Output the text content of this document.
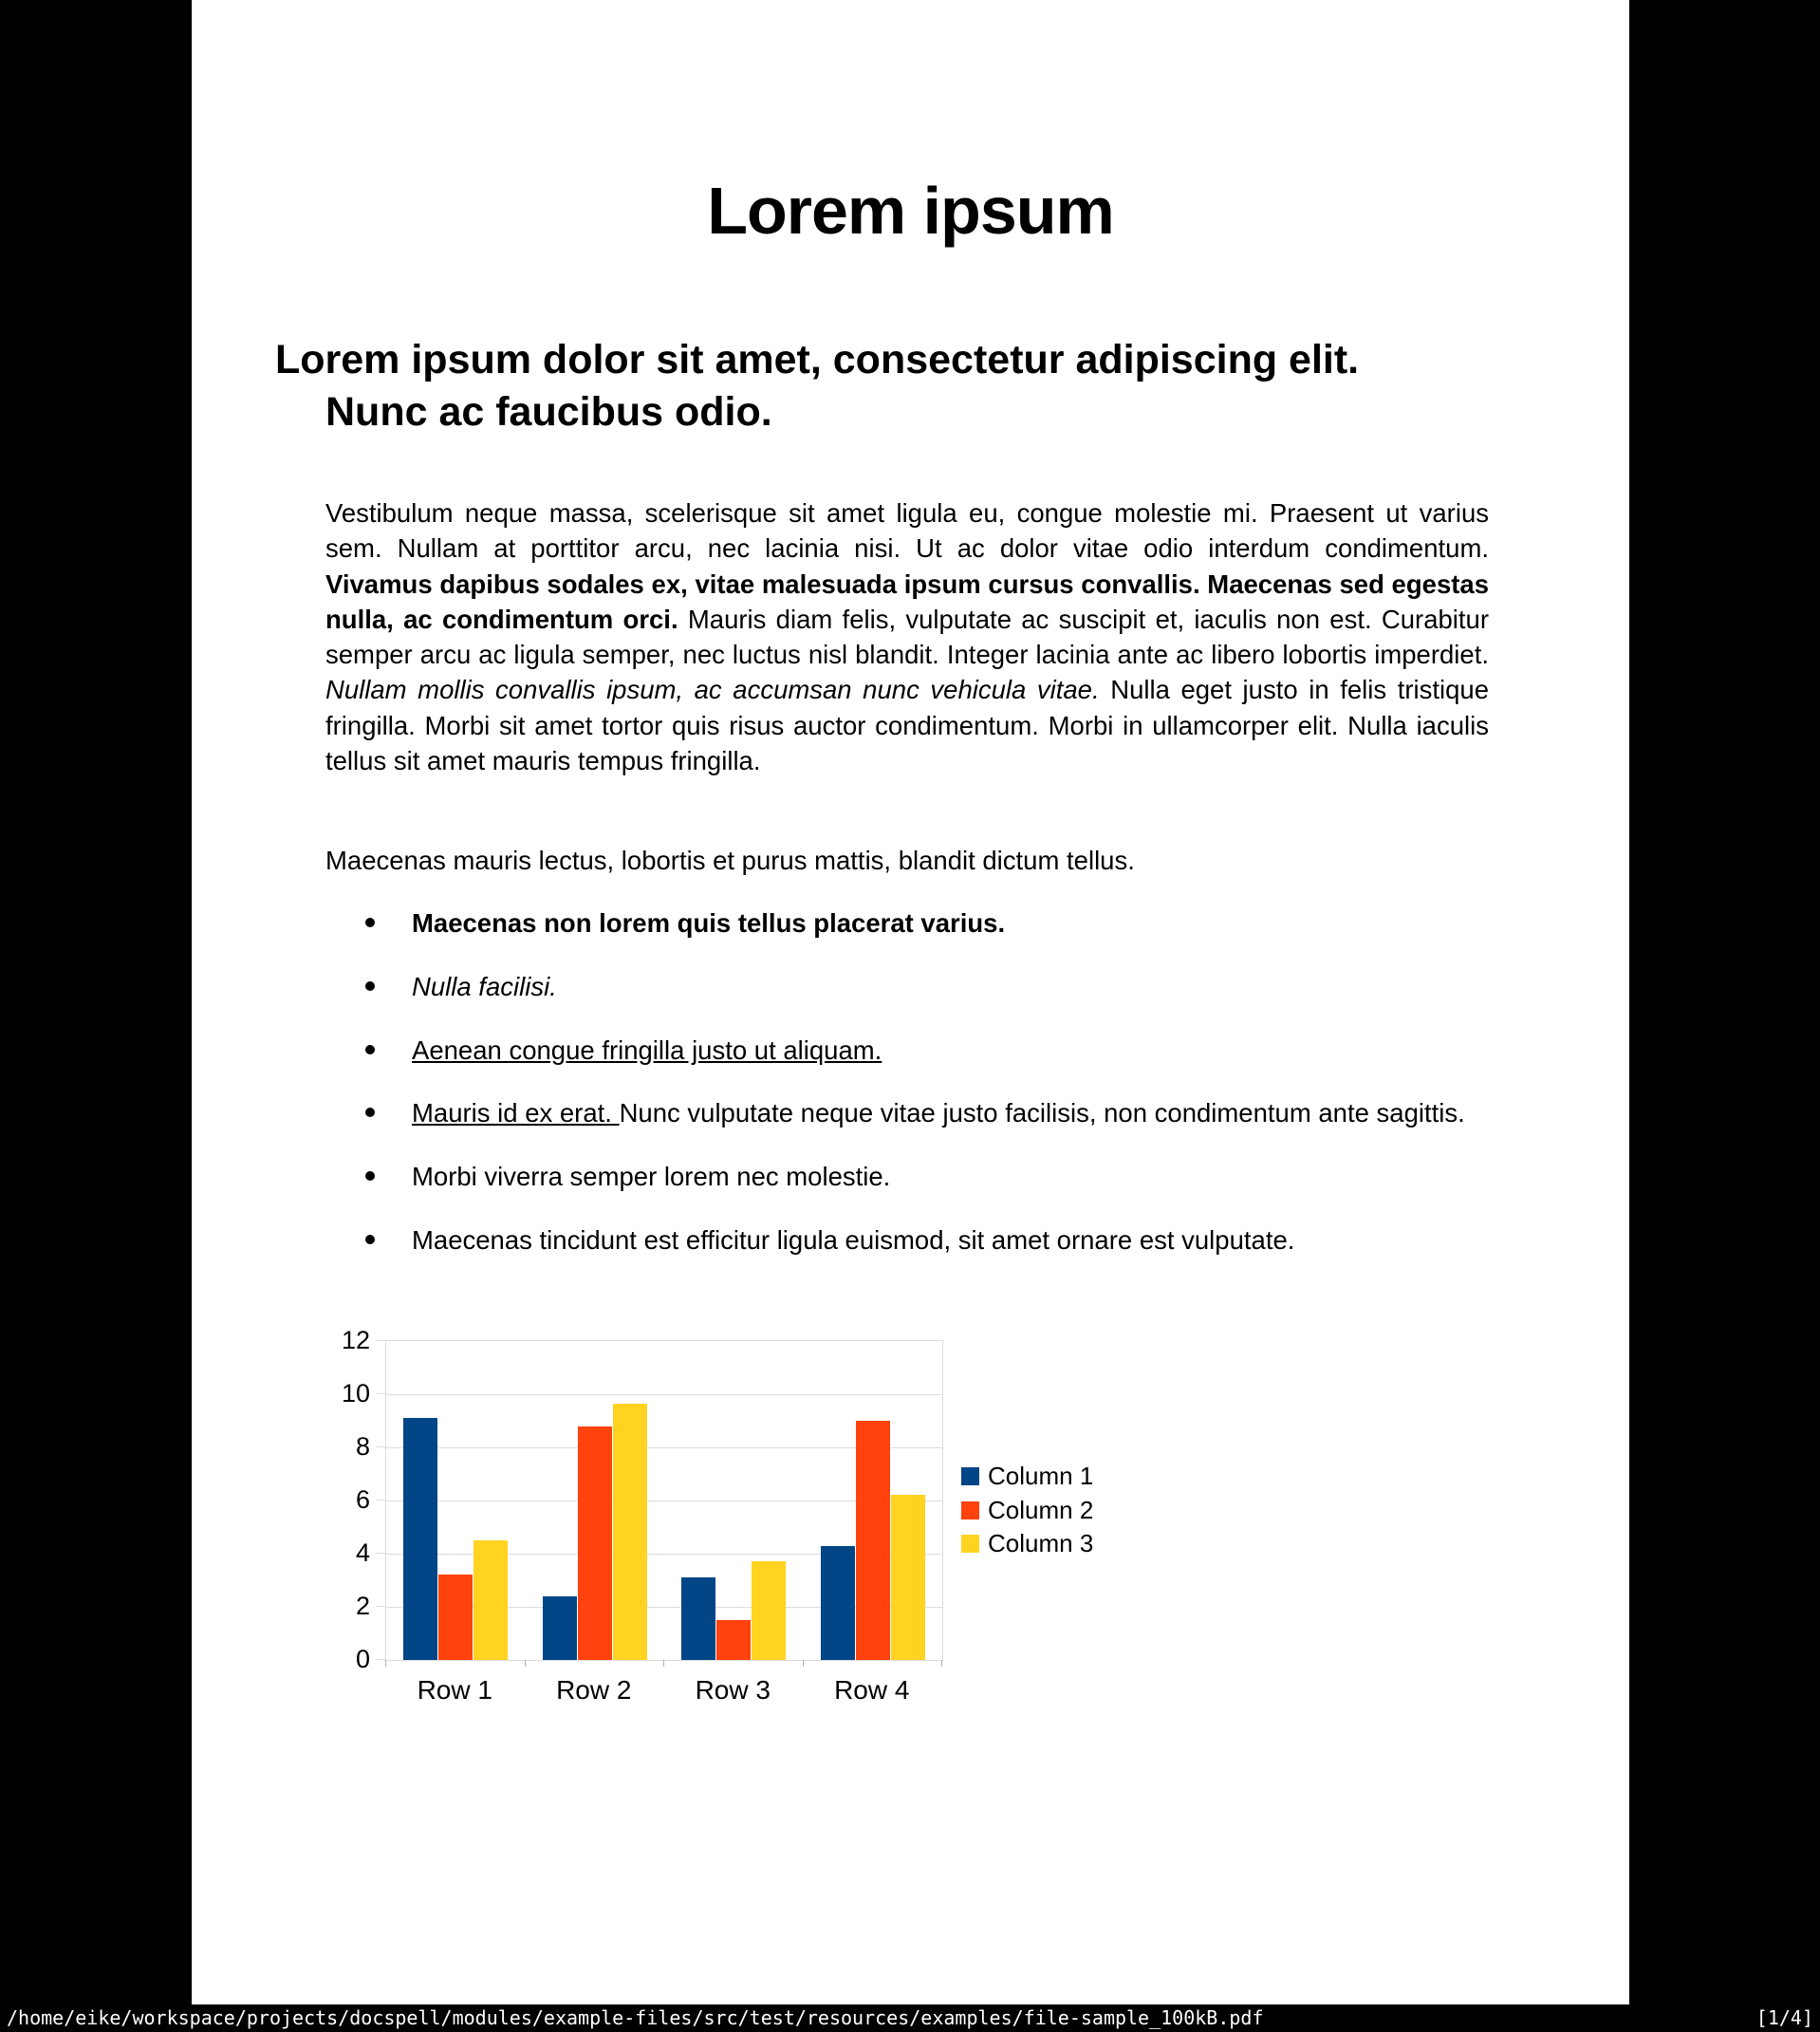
Lorem ipsum
Lorem ipsum dolor sit amet, consectetur adipiscing elit.
Nunc ac faucibus odio.
Vestibulum neque massa, scelerisque sit amet ligula eu, congue molestie mi. Praesent ut varius sem. Nullam at porttitor arcu, nec lacinia nisi. Ut ac dolor vitae odio interdum condimentum. Vivamus dapibus sodales ex, vitae malesuada ipsum cursus convallis. Maecenas sed egestas nulla, ac condimentum orci. Mauris diam felis, vulputate ac suscipit et, iaculis non est. Curabitur semper arcu ac ligula semper, nec luctus nisl blandit. Integer lacinia ante ac libero lobortis imperdiet. Nullam mollis convallis ipsum, ac accumsan nunc vehicula vitae. Nulla eget justo in felis tristique fringilla. Morbi sit amet tortor quis risus auctor condimentum. Morbi in ullamcorper elit. Nulla iaculis tellus sit amet mauris tempus fringilla.
Maecenas mauris lectus, lobortis et purus mattis, blandit dictum tellus.
Maecenas non lorem quis tellus placerat varius.
Nulla facilisi.
Aenean congue fringilla justo ut aliquam.
Mauris id ex erat. Nunc vulputate neque vitae justo facilisis, non condimentum ante sagittis.
Morbi viverra semper lorem nec molestie.
Maecenas tincidunt est efficitur ligula euismod, sit amet ornare est vulputate.
Column 1
Column 2
Column 3
0
2
4
6
8
10
12
Row 1	Row 2	Row 3	Row 4
/home/eike/workspace/projects/docspell/modules/example-files/src/test/resources/examples/file-sample_100kB.pdf	[1/4]
